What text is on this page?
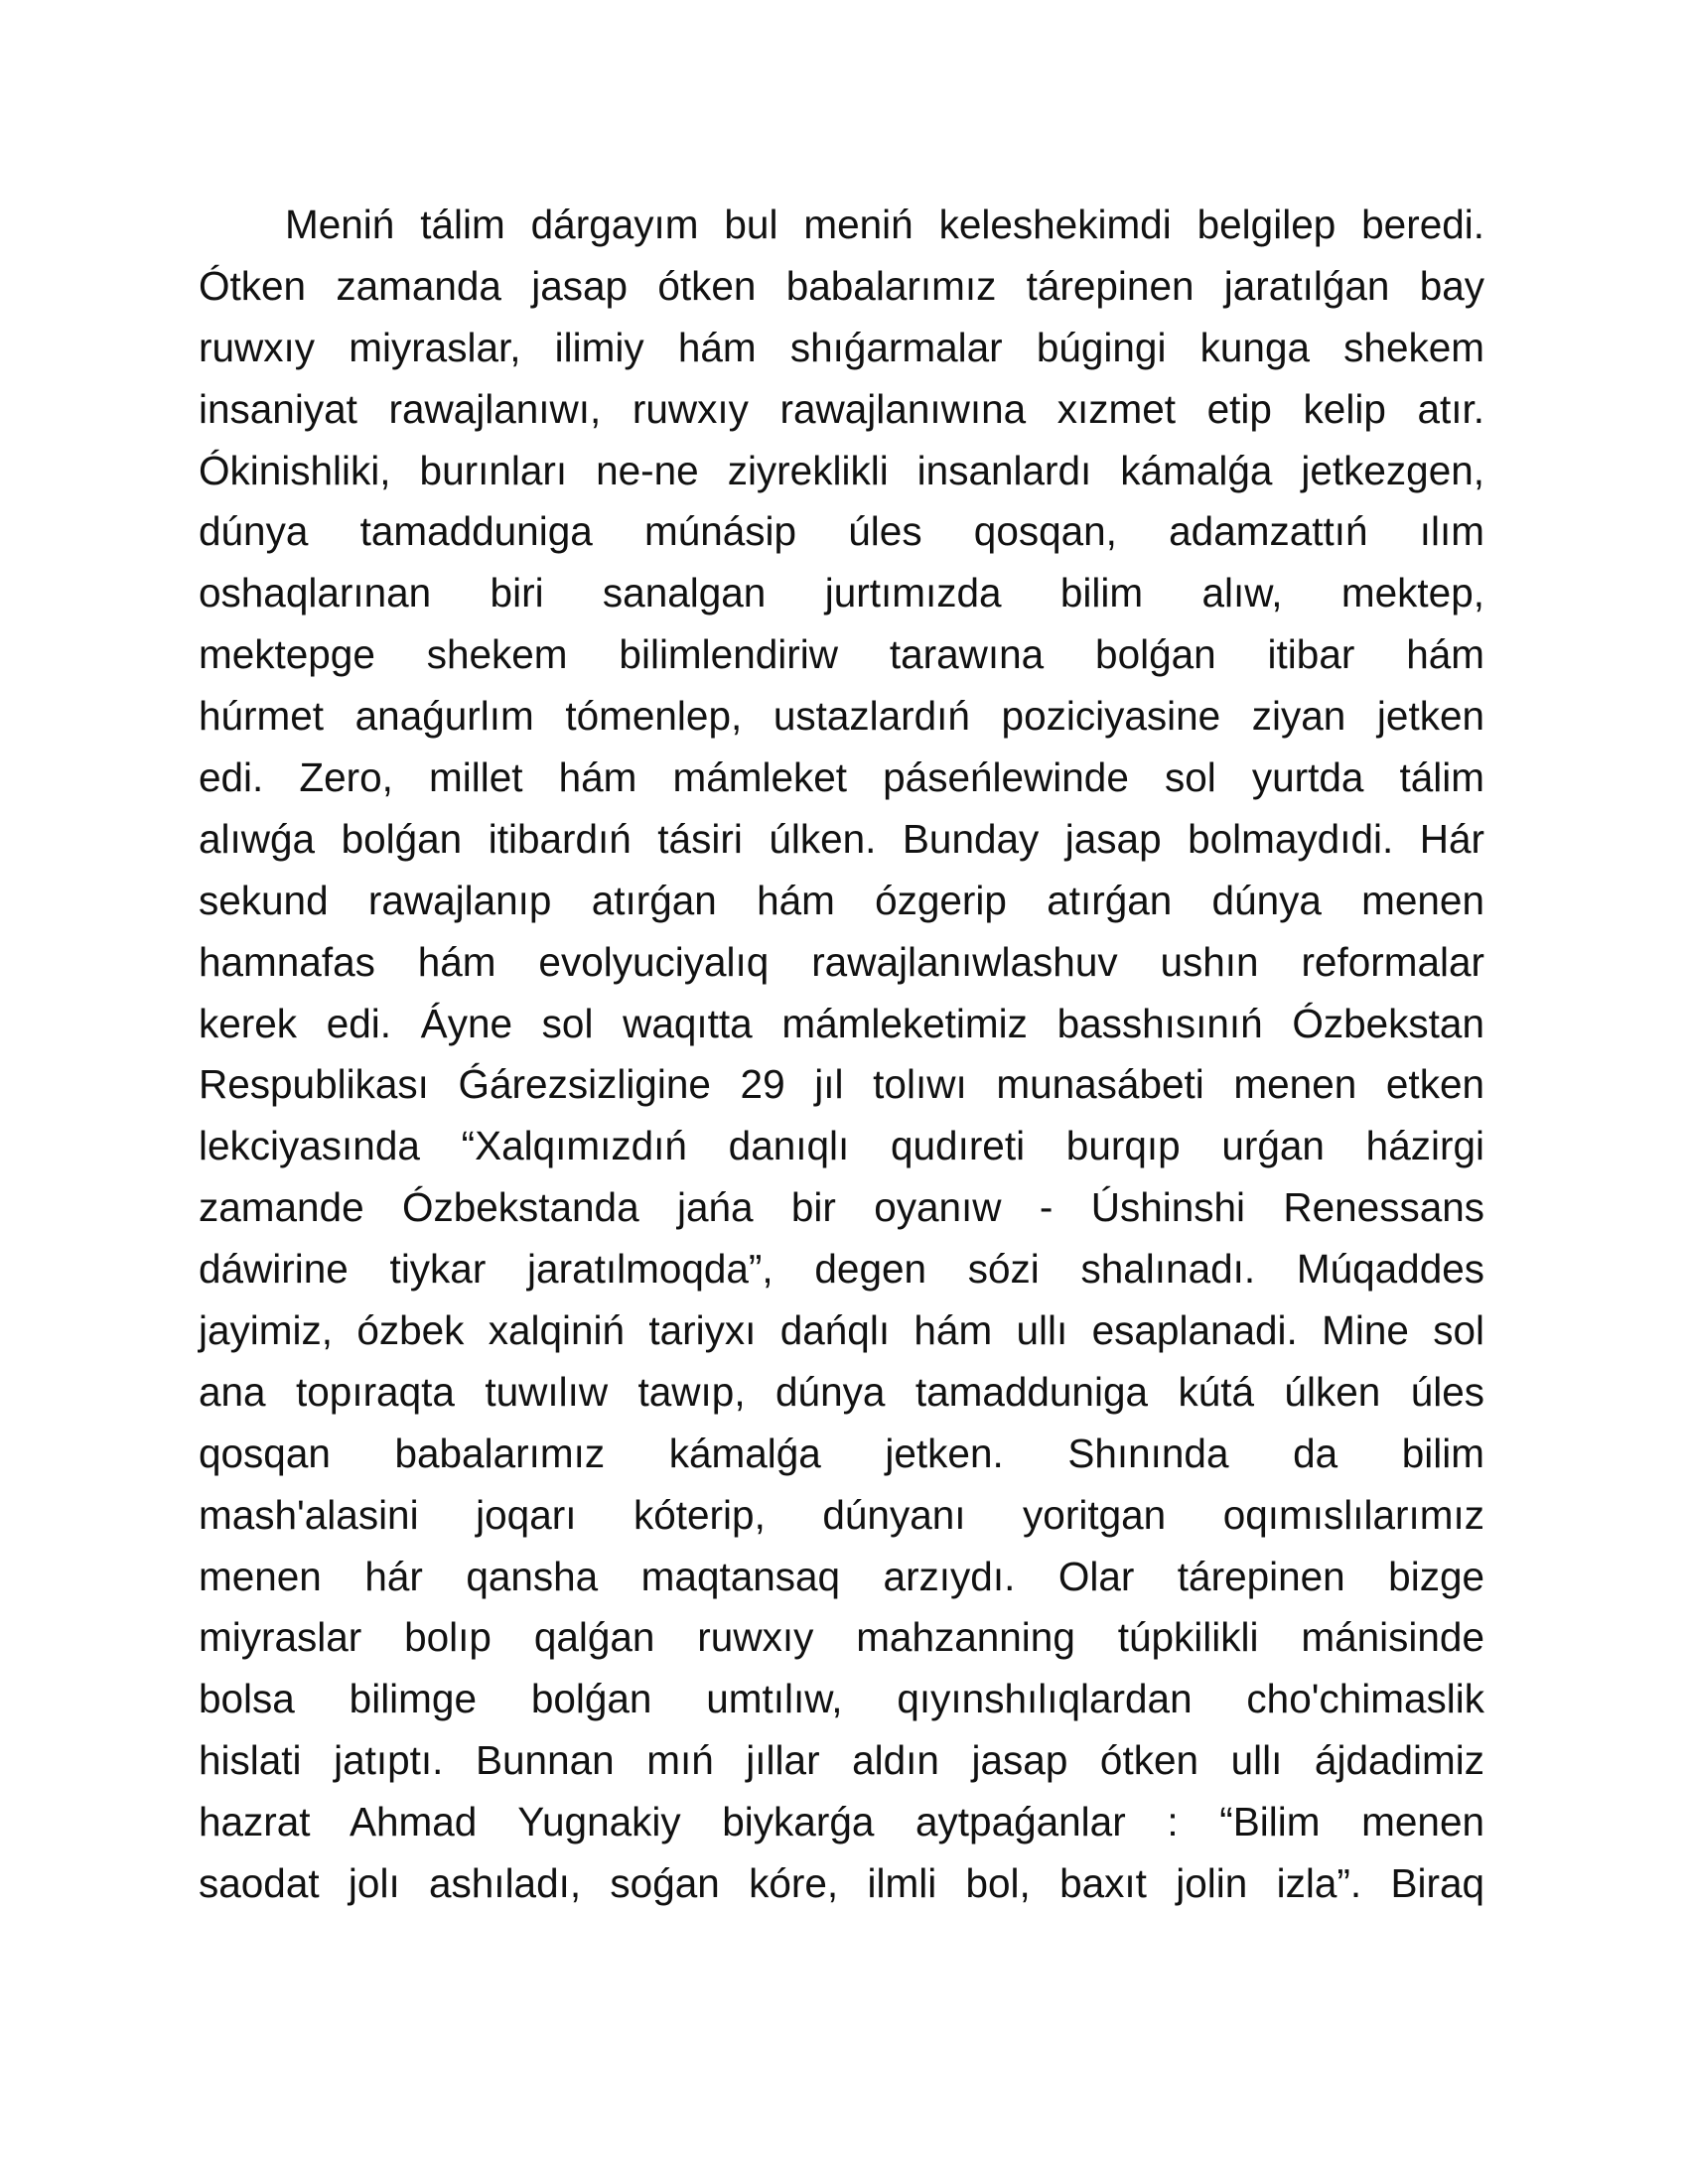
Meniń tálim dárgayım bul meniń keleshekimdi belgilep beredi.
Ótken zamanda jasap ótken babalarımız tárepinen jaratılǵan bay
ruwxıy miyraslar, ilimiy hám shıǵarmalar búgingi kunga shekem
insaniyat rawajlanıwı, ruwxıy rawajlanıwına xızmet etip kelip atır.
Ókinishliki, burınları ne-ne ziyreklikli insanlardı kámalǵa jetkezgen,
dúnya tamadduniga múnásip úles qosqan, adamzattıń ılım
oshaqlarınan biri sanalgan jurtımızda bilim alıw, mektep,
mektepge shekem bilimlendiriw tarawına bolǵan itibar hám
húrmet anaǵurlım tómenlep, ustazlardıń poziciyasine ziyan jetken
edi. Zero, millet hám mámleket páseńlewinde sol yurtda tálim
alıwǵa bolǵan itibardıń tásiri úlken. Bunday jasap bolmaydıdi. Hár
sekund rawajlanıp atırǵan hám ózgerip atırǵan dúnya menen
hamnafas hám evolyuciyalıq rawajlanıwlashuv ushın reformalar
kerek edi. Áyne sol waqıtta mámleketimiz basshısınıń Ózbekstan
Respublikası Ǵárezsizligine 29 jıl tolıwı munasábeti menen etken
lekciyasında “Xalqımızdıń danıqlı qudıreti burqıp urǵan házirgi
zamande Ózbekstanda jańa bir oyanıw - Úshinshi Renessans
dáwirine tiykar jaratılmoqda”, degen sózi shalınadı. Múqaddes
jayimiz, ózbek xalqiniń tariyxı dańqlı hám ullı esaplanadi. Mine sol
ana topıraqta tuwılıw tawıp, dúnya tamadduniga kútá úlken úles
qosqan babalarımız kámalǵa jetken. Shınında da bilim
mash'alasini joqarı kóterip, dúnyanı yoritgan oqımıslılarımız
menen hár qansha maqtansaq arzıydı. Olar tárepinen bizge
miyraslar bolıp qalǵan ruwxıy mahzanning túpkilikli mánisinde
bolsa bilimge bolǵan umtılıw, qıyınshılıqlardan cho'chimaslik
hislati jatıptı. Bunnan mıń jıllar aldın jasap ótken ullı ájdadimiz
hazrat Ahmad Yugnakiy biykarǵa aytpaǵanlar : “Bilim menen
saodat jolı ashıladı, soǵan kóre, ilmli bol, baxıt jolin izla”. Biraq
